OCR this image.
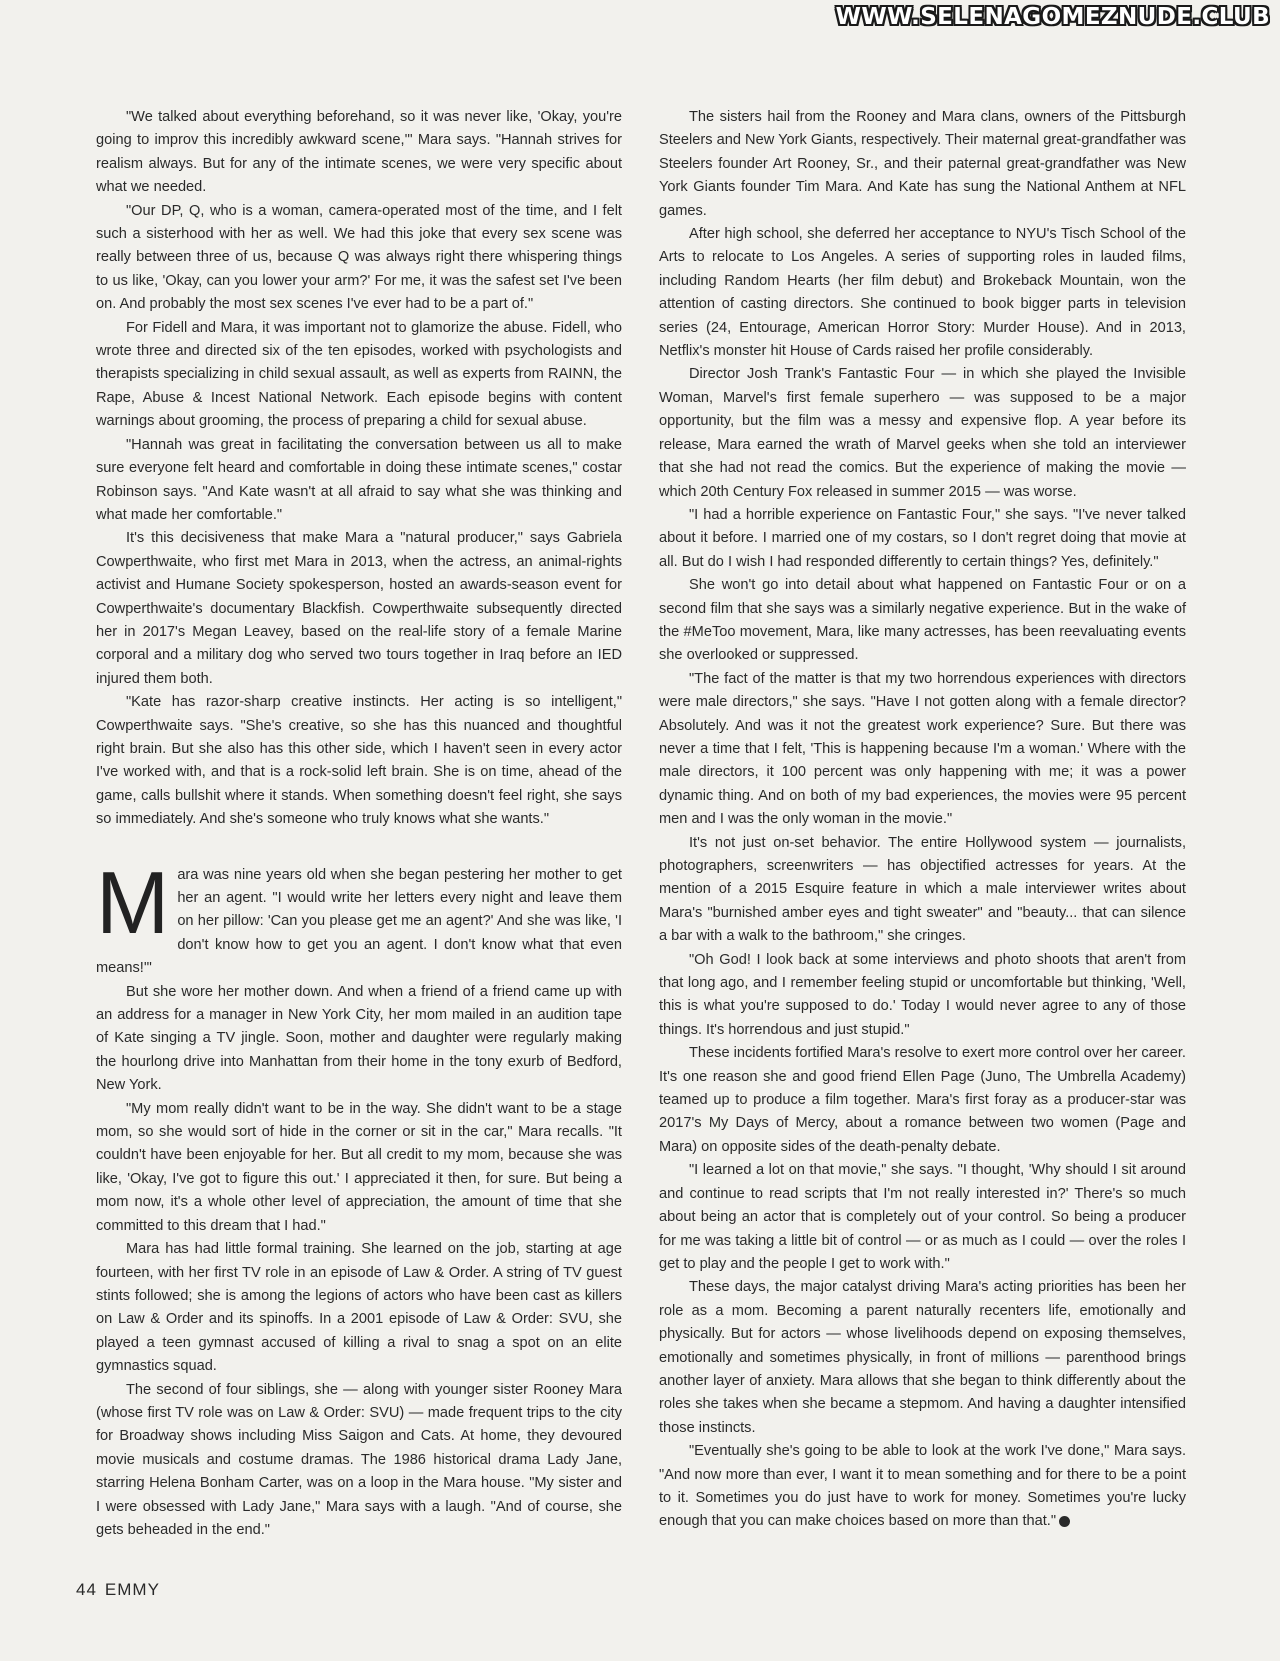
WWW.SELENAGOMEZNUDE.CLUB

"We talked about everything beforehand, so it was never like, 'Okay, you're going to improv this incredibly awkward scene,'" Mara says. "Hannah strives for realism always. But for any of the intimate scenes, we were very specific about what we needed.

"Our DP, Q, who is a woman, camera-operated most of the time, and I felt such a sisterhood with her as well. We had this joke that every sex scene was really between three of us, because Q was always right there whispering things to us like, 'Okay, can you lower your arm?' For me, it was the safest set I've been on. And probably the most sex scenes I've ever had to be a part of."

For Fidell and Mara, it was important not to glamorize the abuse. Fidell, who wrote three and directed six of the ten episodes, worked with psychologists and therapists specializing in child sexual assault, as well as experts from RAINN, the Rape, Abuse & Incest National Network. Each episode begins with content warnings about grooming, the process of preparing a child for sexual abuse.

"Hannah was great in facilitating the conversation between us all to make sure everyone felt heard and comfortable in doing these intimate scenes," costar Robinson says. "And Kate wasn't at all afraid to say what she was thinking and what made her comfortable."

It's this decisiveness that make Mara a "natural producer," says Gabriela Cowperthwaite, who first met Mara in 2013, when the actress, an animal-rights activist and Humane Society spokesperson, hosted an awards-season event for Cowperthwaite's documentary Blackfish. Cowperthwaite subsequently directed her in 2017's Megan Leavey, based on the real-life story of a female Marine corporal and a military dog who served two tours together in Iraq before an IED injured them both.

"Kate has razor-sharp creative instincts. Her acting is so intelligent," Cowperthwaite says. "She's creative, so she has this nuanced and thoughtful right brain. But she also has this other side, which I haven't seen in every actor I've worked with, and that is a rock-solid left brain. She is on time, ahead of the game, calls bullshit where it stands. When something doesn't feel right, she says so immediately. And she's someone who truly knows what she wants."

Mara was nine years old when she began pestering her mother to get her an agent. "I would write her letters every night and leave them on her pillow: 'Can you please get me an agent?' And she was like, 'I don't know how to get you an agent. I don't know what that even means!'"

But she wore her mother down. And when a friend of a friend came up with an address for a manager in New York City, her mom mailed in an audition tape of Kate singing a TV jingle. Soon, mother and daughter were regularly making the hourlong drive into Manhattan from their home in the tony exurb of Bedford, New York.

"My mom really didn't want to be in the way. She didn't want to be a stage mom, so she would sort of hide in the corner or sit in the car," Mara recalls. "It couldn't have been enjoyable for her. But all credit to my mom, because she was like, 'Okay, I've got to figure this out.' I appreciated it then, for sure. But being a mom now, it's a whole other level of appreciation, the amount of time that she committed to this dream that I had."

Mara has had little formal training. She learned on the job, starting at age fourteen, with her first TV role in an episode of Law & Order. A string of TV guest stints followed; she is among the legions of actors who have been cast as killers on Law & Order and its spinoffs. In a 2001 episode of Law & Order: SVU, she played a teen gymnast accused of killing a rival to snag a spot on an elite gymnastics squad.

The second of four siblings, she — along with younger sister Rooney Mara (whose first TV role was on Law & Order: SVU) — made frequent trips to the city for Broadway shows including Miss Saigon and Cats. At home, they devoured movie musicals and costume dramas. The 1986 historical drama Lady Jane, starring Helena Bonham Carter, was on a loop in the Mara house. "My sister and I were obsessed with Lady Jane," Mara says with a laugh. "And of course, she gets beheaded in the end."

The sisters hail from the Rooney and Mara clans, owners of the Pittsburgh Steelers and New York Giants, respectively. Their maternal great-grandfather was Steelers founder Art Rooney, Sr., and their paternal great-grandfather was New York Giants founder Tim Mara. And Kate has sung the National Anthem at NFL games.

After high school, she deferred her acceptance to NYU's Tisch School of the Arts to relocate to Los Angeles. A series of supporting roles in lauded films, including Random Hearts (her film debut) and Brokeback Mountain, won the attention of casting directors. She continued to book bigger parts in television series (24, Entourage, American Horror Story: Murder House). And in 2013, Netflix's monster hit House of Cards raised her profile considerably.

Director Josh Trank's Fantastic Four — in which she played the Invisible Woman, Marvel's first female superhero — was supposed to be a major opportunity, but the film was a messy and expensive flop. A year before its release, Mara earned the wrath of Marvel geeks when she told an interviewer that she had not read the comics. But the experience of making the movie — which 20th Century Fox released in summer 2015 — was worse.

"I had a horrible experience on Fantastic Four," she says. "I've never talked about it before. I married one of my costars, so I don't regret doing that movie at all. But do I wish I had responded differently to certain things? Yes, definitely."

She won't go into detail about what happened on Fantastic Four or on a second film that she says was a similarly negative experience. But in the wake of the #MeToo movement, Mara, like many actresses, has been reevaluating events she overlooked or suppressed.

"The fact of the matter is that my two horrendous experiences with directors were male directors," she says. "Have I not gotten along with a female director? Absolutely. And was it not the greatest work experience? Sure. But there was never a time that I felt, 'This is happening because I'm a woman.' Where with the male directors, it 100 percent was only happening with me; it was a power dynamic thing. And on both of my bad experiences, the movies were 95 percent men and I was the only woman in the movie."

It's not just on-set behavior. The entire Hollywood system — journalists, photographers, screenwriters — has objectified actresses for years. At the mention of a 2015 Esquire feature in which a male interviewer writes about Mara's "burnished amber eyes and tight sweater" and "beauty... that can silence a bar with a walk to the bathroom," she cringes.

"Oh God! I look back at some interviews and photo shoots that aren't from that long ago, and I remember feeling stupid or uncomfortable but thinking, 'Well, this is what you're supposed to do.' Today I would never agree to any of those things. It's horrendous and just stupid."

These incidents fortified Mara's resolve to exert more control over her career. It's one reason she and good friend Ellen Page (Juno, The Umbrella Academy) teamed up to produce a film together. Mara's first foray as a producer-star was 2017's My Days of Mercy, about a romance between two women (Page and Mara) on opposite sides of the death-penalty debate.

"I learned a lot on that movie," she says. "I thought, 'Why should I sit around and continue to read scripts that I'm not really interested in?' There's so much about being an actor that is completely out of your control. So being a producer for me was taking a little bit of control — or as much as I could — over the roles I get to play and the people I get to work with."

These days, the major catalyst driving Mara's acting priorities has been her role as a mom. Becoming a parent naturally recenters life, emotionally and physically. But for actors — whose livelihoods depend on exposing themselves, emotionally and sometimes physically, in front of millions — parenthood brings another layer of anxiety. Mara allows that she began to think differently about the roles she takes when she became a stepmom. And having a daughter intensified those instincts.

"Eventually she's going to be able to look at the work I've done," Mara says. "And now more than ever, I want it to mean something and for there to be a point to it. Sometimes you do just have to work for money. Sometimes you're lucky enough that you can make choices based on more than that."	⊗

44 EMMY
